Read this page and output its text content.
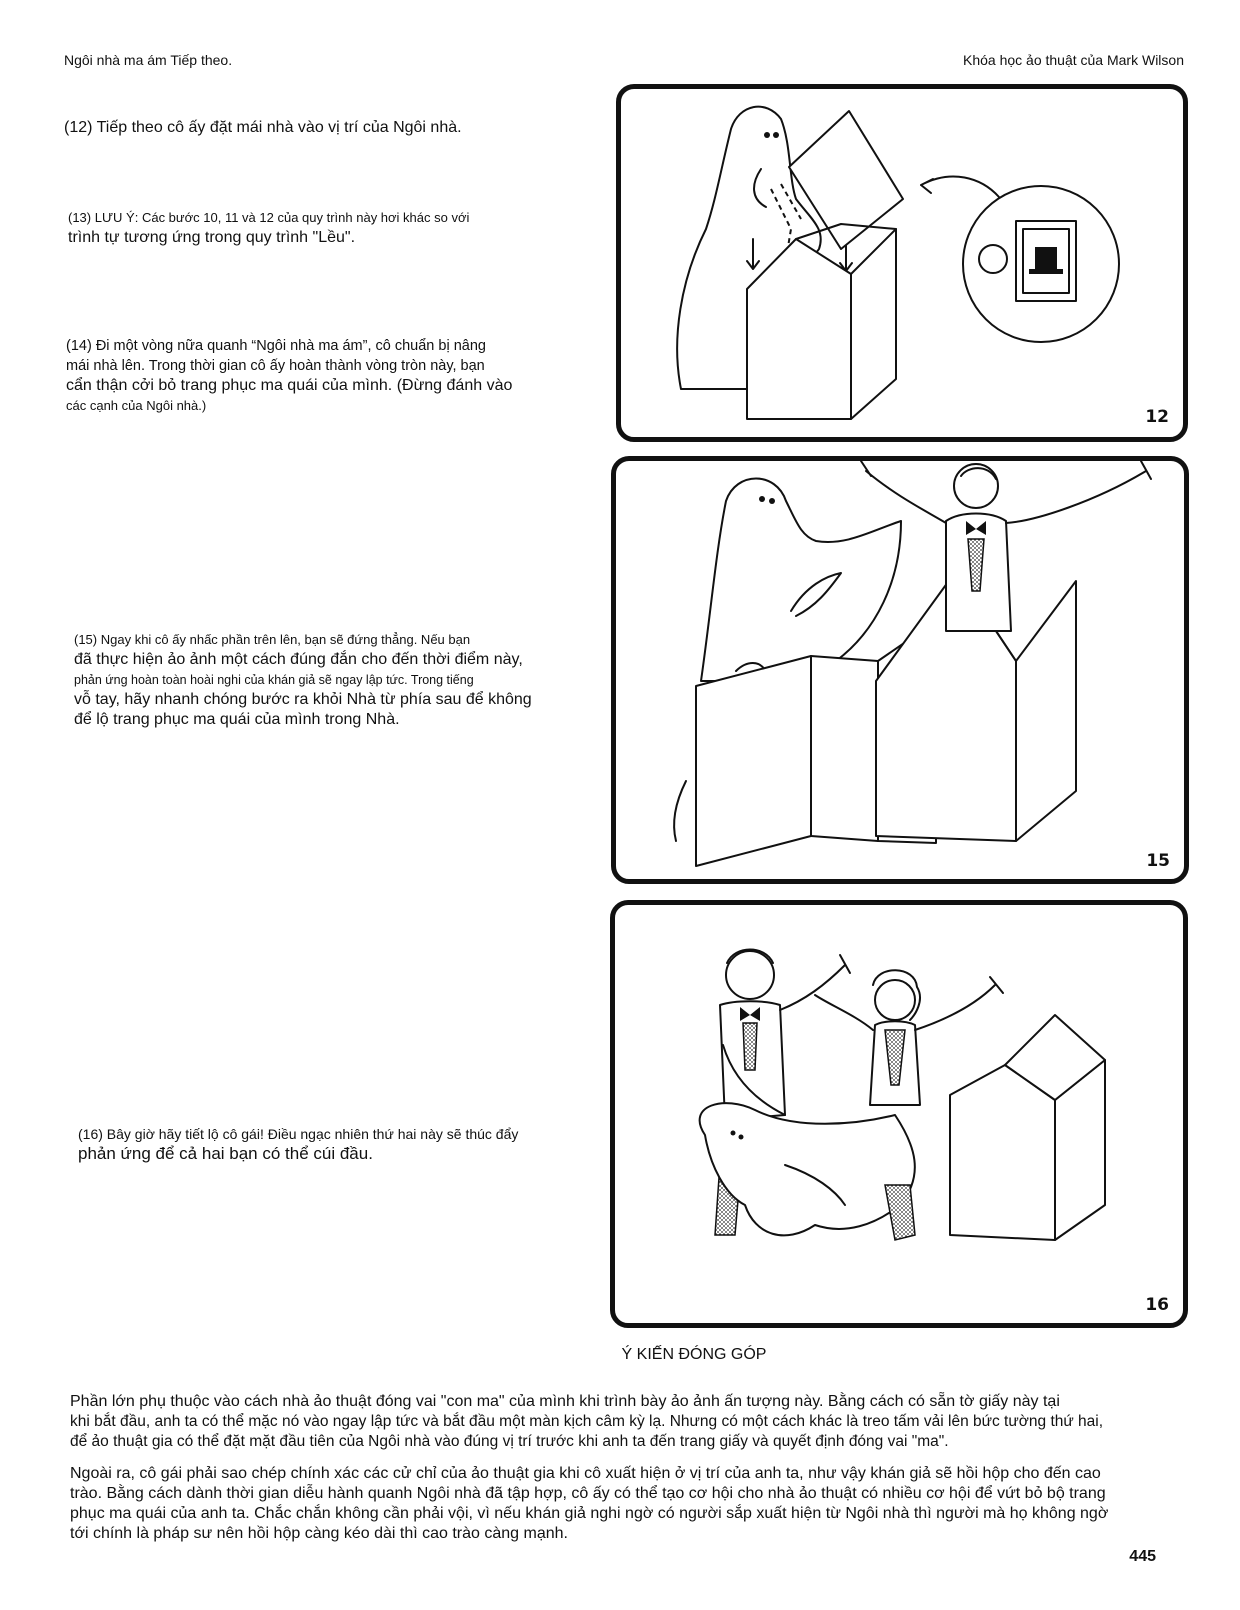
Ngôi nhà ma ám Tiếp theo.	Khóa học ảo thuật của Mark Wilson
(12) Tiếp theo cô ấy đặt mái nhà vào vị trí của Ngôi nhà.
(13) LƯU Ý: Các bước 10, 11 và 12 của quy trình này hơi khác so với
trình tự tương ứng trong quy trình "Lều".
(14) Đi một vòng nữa quanh “Ngôi nhà ma ám”, cô chuẩn bị nâng
mái nhà lên. Trong thời gian cô ấy hoàn thành vòng tròn này, bạn
cẩn thận cởi bỏ trang phục ma quái của mình. (Đừng đánh vào
các cạnh của Ngôi nhà.)
(15) Ngay khi cô ấy nhấc phần trên lên, bạn sẽ đứng thẳng. Nếu bạn
đã thực hiện ảo ảnh một cách đúng đắn cho đến thời điểm này,
phản ứng hoàn toàn hoài nghi của khán giả sẽ ngay lập tức. Trong tiếng
vỗ tay, hãy nhanh chóng bước ra khỏi Nhà từ phía sau để không
để lộ trang phục ma quái của mình trong Nhà.
(16) Bây giờ hãy tiết lộ cô gái! Điều ngạc nhiên thứ hai này sẽ thúc đẩy
phản ứng để cả hai bạn có thể cúi đầu.
12
15
16
Ý KIẾN ĐÓNG GÓP
Phần lớn phụ thuộc vào cách nhà ảo thuật đóng vai "con ma" của mình khi trình bày ảo ảnh ấn tượng này. Bằng cách có sẵn tờ giấy này tại
khi bắt đầu, anh ta có thể mặc nó vào ngay lập tức và bắt đầu một màn kịch câm kỳ lạ. Nhưng có một cách khác là treo tấm vải lên bức tường thứ hai,
để ảo thuật gia có thể đặt mặt đầu tiên của Ngôi nhà vào đúng vị trí trước khi anh ta đến trang giấy và quyết định đóng vai "ma".
Ngoài ra, cô gái phải sao chép chính xác các cử chỉ của ảo thuật gia khi cô xuất hiện ở vị trí của anh ta, như vậy khán giả sẽ hồi hộp cho đến cao
trào. Bằng cách dành thời gian diễu hành quanh Ngôi nhà đã tập hợp, cô ấy có thể tạo cơ hội cho nhà ảo thuật có nhiều cơ hội để vứt bỏ bộ trang
phục ma quái của anh ta. Chắc chắn không cần phải vội, vì nếu khán giả nghi ngờ có người sắp xuất hiện từ Ngôi nhà thì người mà họ không ngờ
tới chính là pháp sư nên hồi hộp càng kéo dài thì cao trào càng mạnh.
445
